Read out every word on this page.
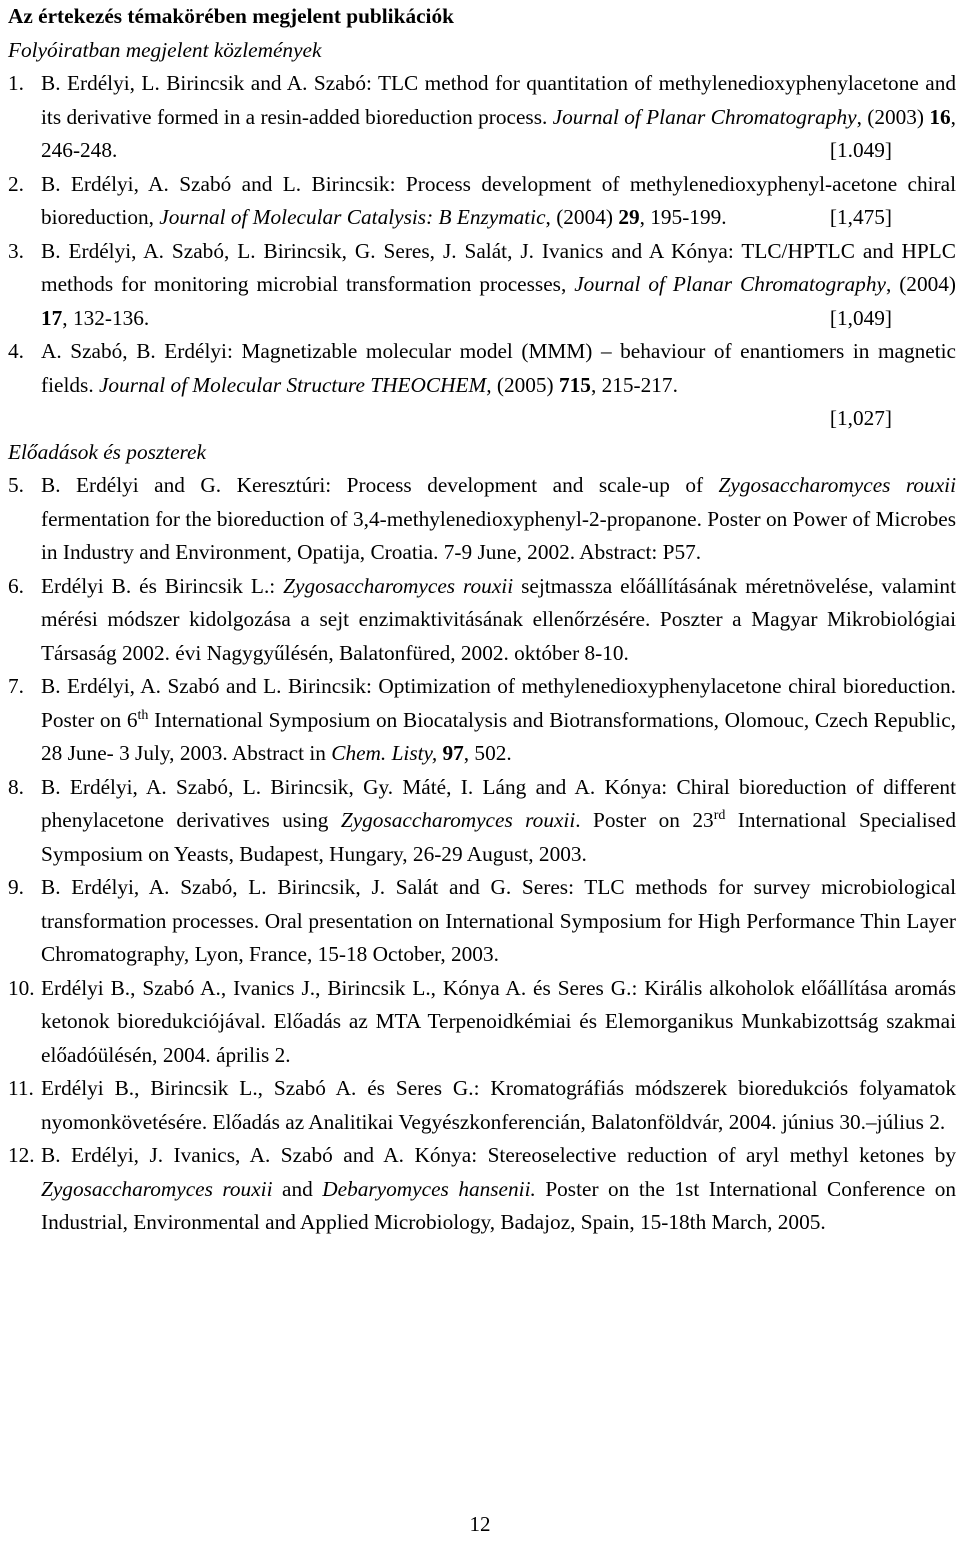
Az értekezés témakörében megjelent publikációk

Folyóiratban megjelent közlemények

1. B. Erdélyi, L. Birincsik and A. Szabó: TLC method for quantitation of methylenedioxyphenylacetone and its derivative formed in a resin-added bioreduction process. Journal of Planar Chromatography, (2003) 16, 246-248.	[1.049]
2. B. Erdélyi, A. Szabó and L. Birincsik: Process development of methylenedioxyphenyl-acetone chiral bioreduction, Journal of Molecular Catalysis: B Enzymatic, (2004) 29, 195-199.	[1,475]
3. B. Erdélyi, A. Szabó, L. Birincsik, G. Seres, J. Salát, J. Ivanics and A Kónya: TLC/HPTLC and HPLC methods for monitoring microbial transformation processes, Journal of Planar Chromatography, (2004) 17, 132-136.	[1,049]
4. A. Szabó, B. Erdélyi: Magnetizable molecular model (MMM) – behaviour of enantiomers in magnetic fields. Journal of Molecular Structure THEOCHEM, (2005) 715, 215-217.
[1,027]

Előadások és poszterek

5. B. Erdélyi and G. Keresztúri: Process development and scale-up of Zygosaccharomyces rouxii fermentation for the bioreduction of 3,4-methylenedioxyphenyl-2-propanone. Poster on Power of Microbes in Industry and Environment, Opatija, Croatia. 7-9 June, 2002. Abstract: P57.
6. Erdélyi B. és Birincsik L.: Zygosaccharomyces rouxii sejtmassza előállításának méretnövelése, valamint mérési módszer kidolgozása a sejt enzimaktivitásának ellenőrzésére. Poszter a Magyar Mikrobiológiai Társaság 2002. évi Nagygyűlésén, Balatonfüred, 2002. október 8-10.
7. B. Erdélyi, A. Szabó and L. Birincsik: Optimization of methylenedioxyphenylacetone chiral bioreduction. Poster on 6th International Symposium on Biocatalysis and Biotransformations, Olomouc, Czech Republic, 28 June- 3 July, 2003. Abstract in Chem. Listy, 97, 502.
8. B. Erdélyi, A. Szabó, L. Birincsik, Gy. Máté, I. Láng and A. Kónya: Chiral bioreduction of different phenylacetone derivatives using Zygosaccharomyces rouxii. Poster on 23rd International Specialised Symposium on Yeasts, Budapest, Hungary, 26-29 August, 2003.
9. B. Erdélyi, A. Szabó, L. Birincsik, J. Salát and G. Seres: TLC methods for survey microbiological transformation processes. Oral presentation on International Symposium for High Performance Thin Layer Chromatography, Lyon, France, 15-18 October, 2003.
10. Erdélyi B., Szabó A., Ivanics J., Birincsik L., Kónya A. és Seres G.: Királis alkoholok előállítása aromás ketonok bioredukciójával. Előadás az MTA Terpenoidkémiai és Elemorganikus Munkabizottság szakmai előadóülésén, 2004. április 2.
11. Erdélyi B., Birincsik L., Szabó A. és Seres G.: Kromatográfiás módszerek bioredukciós folyamatok nyomonkövetésére. Előadás az Analitikai Vegyészkonferencián, Balatonföldvár, 2004. június 30.–július 2.
12. B. Erdélyi, J. Ivanics, A. Szabó and A. Kónya: Stereoselective reduction of aryl methyl ketones by Zygosaccharomyces rouxii and Debaryomyces hansenii. Poster on the 1st International Conference on Industrial, Environmental and Applied Microbiology, Badajoz, Spain, 15-18th March, 2005.
12
